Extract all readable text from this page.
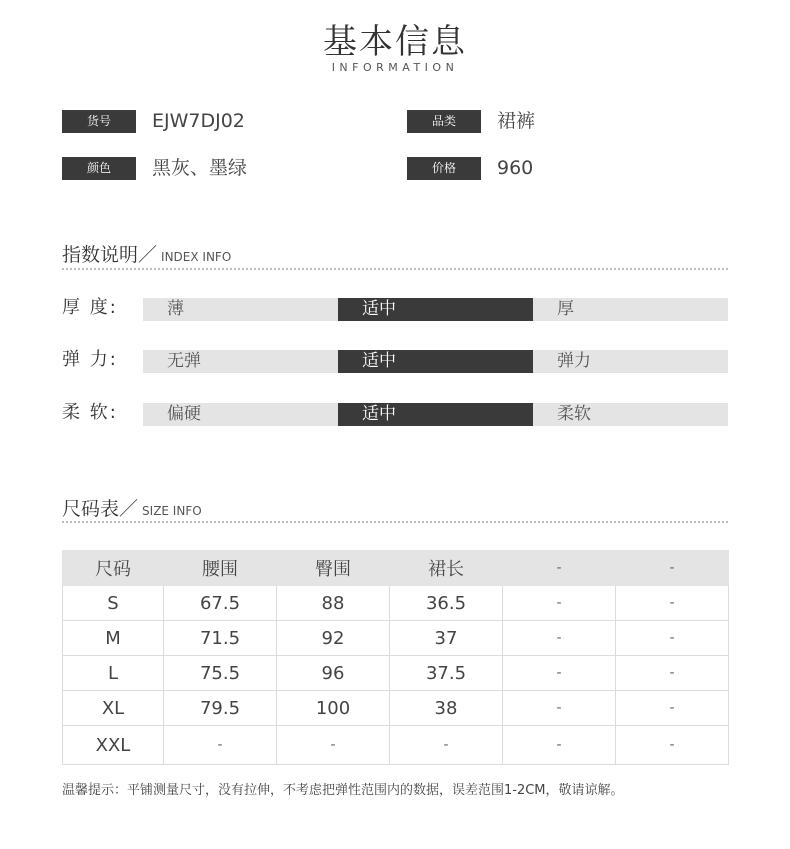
基本信息
INFORMATION
货号	EJW7DJ02	品类	裙裤
颜色	黑灰、墨绿	价格	960
指数说明／ INDEX INFO
厚 度:	薄	适中	厚
弹 力:	无弹	适中	弹力
柔 软:	偏硬	适中	柔软
尺码表／ SIZE INFO
尺码	腰围	臀围	裙长	-	-
S	67.5	88	36.5	-	-
M	71.5	92	37	-	-
L	75.5	96	37.5	-	-
XL	79.5	100	38	-	-
XXL	-	-	-	-	-
温馨提示：平铺测量尺寸，没有拉伸，不考虑把弹性范围内的数据，误差范围1-2CM，敬请谅解。
